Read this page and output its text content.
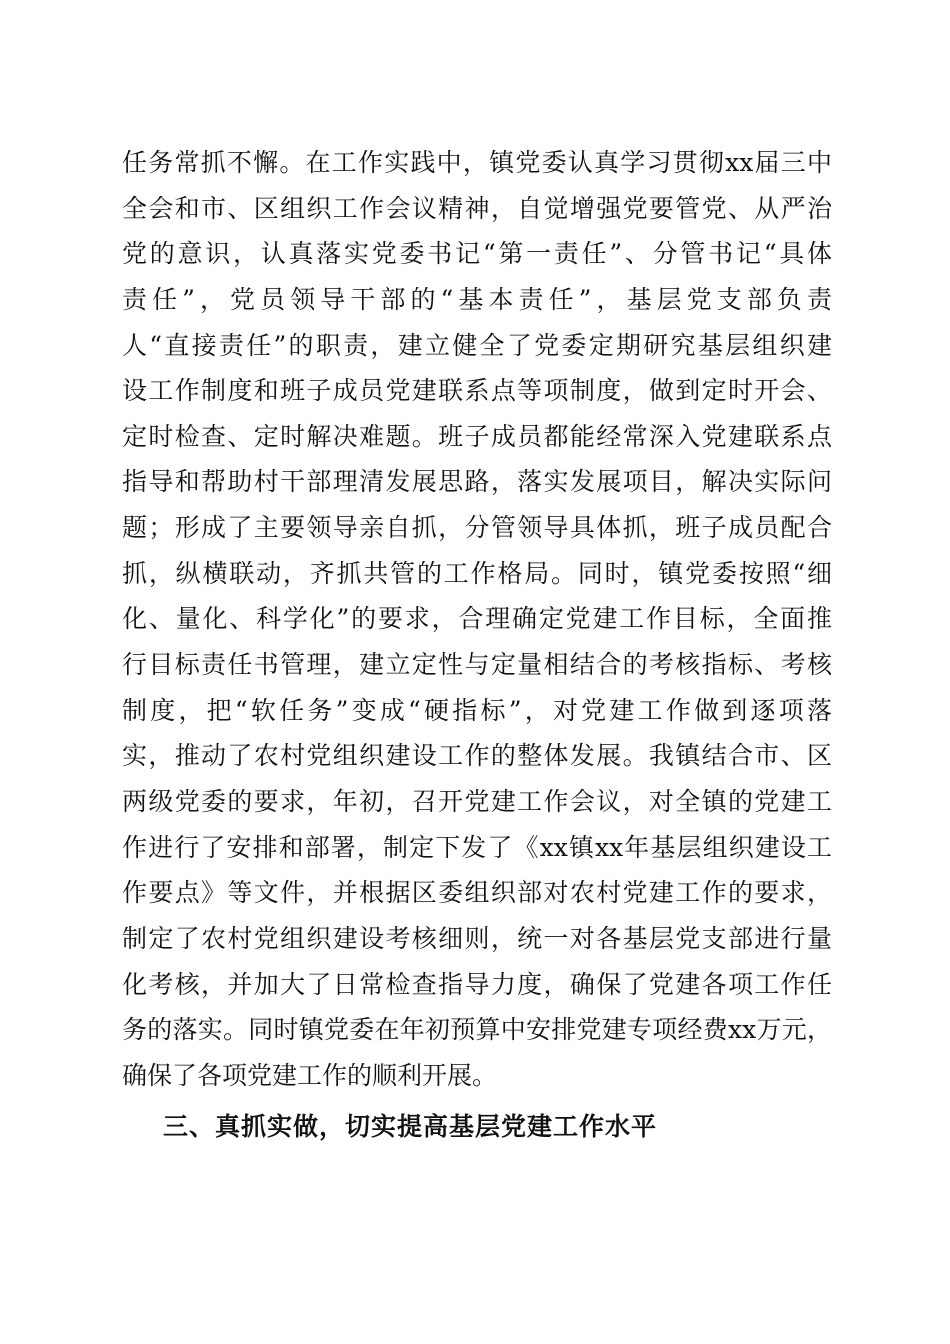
任务常抓不懈。在工作实践中，镇党委认真学习贯彻xx届三中
全会和市、区组织工作会议精神，自觉增强党要管党、从严治
党的意识，认真落实党委书记“第一责任”、分管书记“具体
责任”，党员领导干部的“基本责任”，基层党支部负责
人“直接责任”的职责，建立健全了党委定期研究基层组织建
设工作制度和班子成员党建联系点等项制度，做到定时开会、
定时检查、定时解决难题。班子成员都能经常深入党建联系点
指导和帮助村干部理清发展思路，落实发展项目，解决实际问
题；形成了主要领导亲自抓，分管领导具体抓，班子成员配合
抓，纵横联动，齐抓共管的工作格局。同时，镇党委按照“细
化、量化、科学化”的要求，合理确定党建工作目标，全面推
行目标责任书管理，建立定性与定量相结合的考核指标、考核
制度，把“软任务”变成“硬指标”，对党建工作做到逐项落
实，推动了农村党组织建设工作的整体发展。我镇结合市、区
两级党委的要求，年初，召开党建工作会议，对全镇的党建工
作进行了安排和部署，制定下发了《xx镇xx年基层组织建设工
作要点》等文件，并根据区委组织部对农村党建工作的要求，
制定了农村党组织建设考核细则，统一对各基层党支部进行量
化考核，并加大了日常检查指导力度，确保了党建各项工作任
务的落实。同时镇党委在年初预算中安排党建专项经费xx万元，
确保了各项党建工作的顺利开展。
三、真抓实做，切实提高基层党建工作水平
